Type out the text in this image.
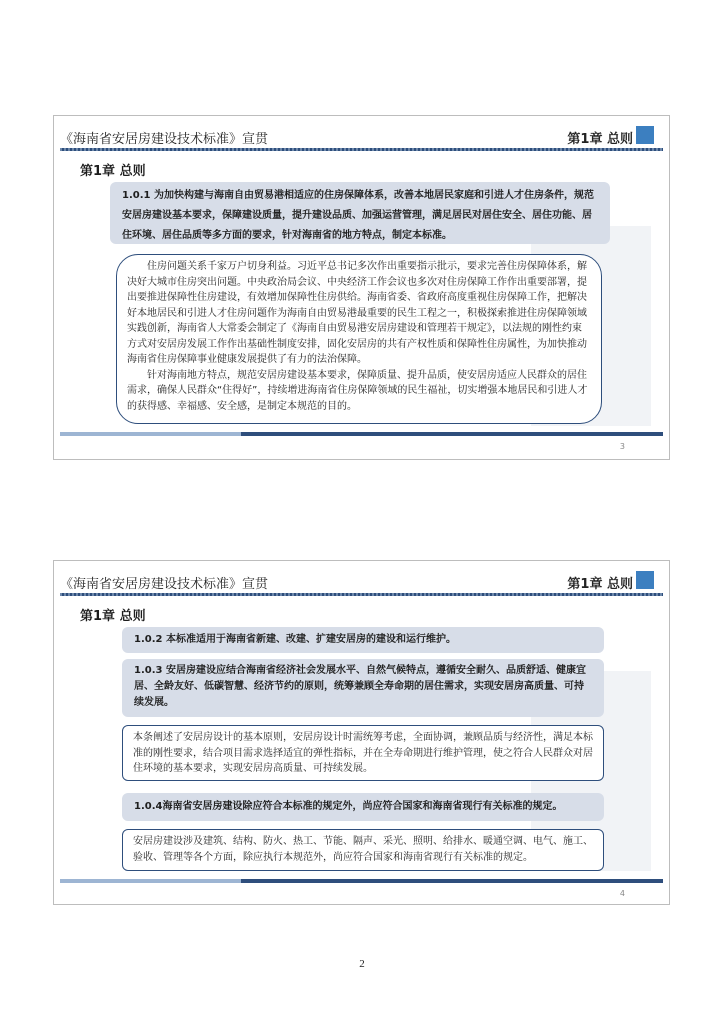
《海南省安居房建设技术标准》宣贯	第1章 总则
第1章 总则
1.0.1 为加快构建与海南自由贸易港相适应的住房保障体系，改善本地居民家庭和引进人才住房条件，规范安居房建设基本要求，保障建设质量，提升建设品质、加强运营管理，满足居民对居住安全、居住功能、居住环境、居住品质等多方面的要求，针对海南省的地方特点，制定本标准。

住房问题关系千家万户切身利益。习近平总书记多次作出重要指示批示，要求完善住房保障体系，解决好大城市住房突出问题。中央政治局会议、中央经济工作会议也多次对住房保障工作作出重要部署，提出要推进保障性住房建设，有效增加保障性住房供给。海南省委、省政府高度重视住房保障工作，把解决好本地居民和引进人才住房问题作为海南自由贸易港最重要的民生工程之一，积极探索推进住房保障领域实践创新，海南省人大常委会制定了《海南自由贸易港安居房建设和管理若干规定》，以法规的刚性约束方式对安居房发展工作作出基础性制度安排，固化安居房的共有产权性质和保障性住房属性，为加快推动海南省住房保障事业健康发展提供了有力的法治保障。

针对海南地方特点，规范安居房建设基本要求，保障质量、提升品质，使安居房适应人民群众的居住需求，确保人民群众“住得好”，持续增进海南省住房保障领域的民生福祉，切实增强本地居民和引进人才的获得感、幸福感、安全感，是制定本规范的目的。

3
《海南省安居房建设技术标准》宣贯	第1章 总则
第1章 总则
1.0.2 本标准适用于海南省新建、改建、扩建安居房的建设和运行维护。
1.0.3 安居房建设应结合海南省经济社会发展水平、自然气候特点，遵循安全耐久、品质舒适、健康宜居、全龄友好、低碳智慧、经济节约的原则，统筹兼顾全寿命期的居住需求，实现安居房高质量、可持续发展。
本条阐述了安居房设计的基本原则，安居房设计时需统筹考虑，全面协调，兼顾品质与经济性，满足本标准的刚性要求，结合项目需求选择适宜的弹性指标，并在全寿命期进行维护管理，使之符合人民群众对居住环境的基本要求，实现安居房高质量、可持续发展。
1.0.4海南省安居房建设除应符合本标准的规定外，尚应符合国家和海南省现行有关标准的规定。
安居房建设涉及建筑、结构、防火、热工、节能、隔声、采光、照明、给排水、暖通空调、电气、施工、验收、管理等各个方面，除应执行本规范外，尚应符合国家和海南省现行有关标准的规定。
4
2
